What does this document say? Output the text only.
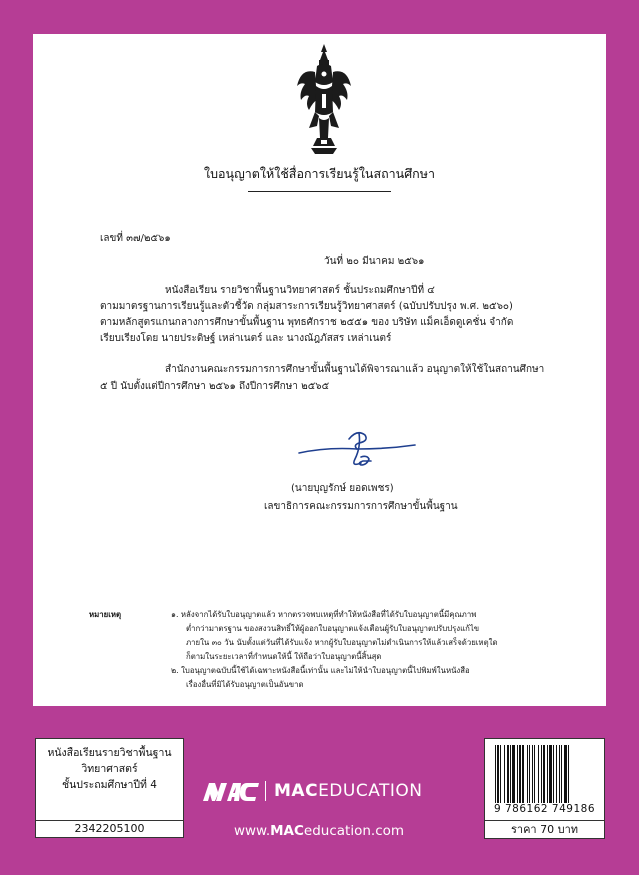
ใบอนุญาตให้ใช้สื่อการเรียนรู้ในสถานศึกษา
เลขที่ ๓๗/๒๕๖๑
วันที่ ๒๐ มีนาคม ๒๕๖๑
หนังสือเรียน รายวิชาพื้นฐานวิทยาศาสตร์ ชั้นประถมศึกษาปีที่ ๔
ตามมาตรฐานการเรียนรู้และตัวชี้วัด กลุ่มสาระการเรียนรู้วิทยาศาสตร์ (ฉบับปรับปรุง พ.ศ. ๒๕๖๐)
ตามหลักสูตรแกนกลางการศึกษาขั้นพื้นฐาน พุทธศักราช ๒๕๕๑ ของ บริษัท แม็คเอ็ดดูเคชั่น จำกัด
เรียบเรียงโดย นายประดิษฐ์ เหล่าเนตร์ และ นางณัฎภัสสร เหล่าเนตร์
สำนักงานคณะกรรมการการศึกษาขั้นพื้นฐานได้พิจารณาแล้ว อนุญาตให้ใช้ในสถานศึกษา
๕ ปี นับตั้งแต่ปีการศึกษา ๒๕๖๑ ถึงปีการศึกษา ๒๕๖๕
(นายบุญรักษ์ ยอดเพชร)
เลขาธิการคณะกรรมการการศึกษาขั้นพื้นฐาน
หมายเหตุ	๑. หลังจากได้รับใบอนุญาตแล้ว หากตรวจพบเหตุที่ทำให้หนังสือที่ได้รับใบอนุญาตนี้มีคุณภาพ
ต่ำกว่ามาตรฐาน ของสงวนสิทธิ์ให้ผู้ออกใบอนุญาตแจ้งเตือนผู้รับใบอนุญาตปรับปรุงแก้ไข
ภายใน ๓๐ วัน นับตั้งแต่วันที่ได้รับแจ้ง หากผู้รับใบอนุญาตไม่ดำเนินการให้แล้วเสร็จด้วยเหตุใด
ก็ตามในระยะเวลาที่กำหนดให้นี้ ให้ถือว่าใบอนุญาตนี้สิ้นสุด
๒. ใบอนุญาตฉบับนี้ใช้ได้เฉพาะหนังสือนี้เท่านั้น และไม่ให้นำใบอนุญาตนี้ไปพิมพ์ในหนังสือ
เรื่องอื่นที่มิได้รับอนุญาตเป็นอันขาด
หนังสือเรียนรายวิชาพื้นฐาน
วิทยาศาสตร์
ชั้นประถมศึกษาปีที่ 4
2342205100
MACEDUCATION
www.MACeducation.com
9 786162 749186
ราคา 70 บาท
